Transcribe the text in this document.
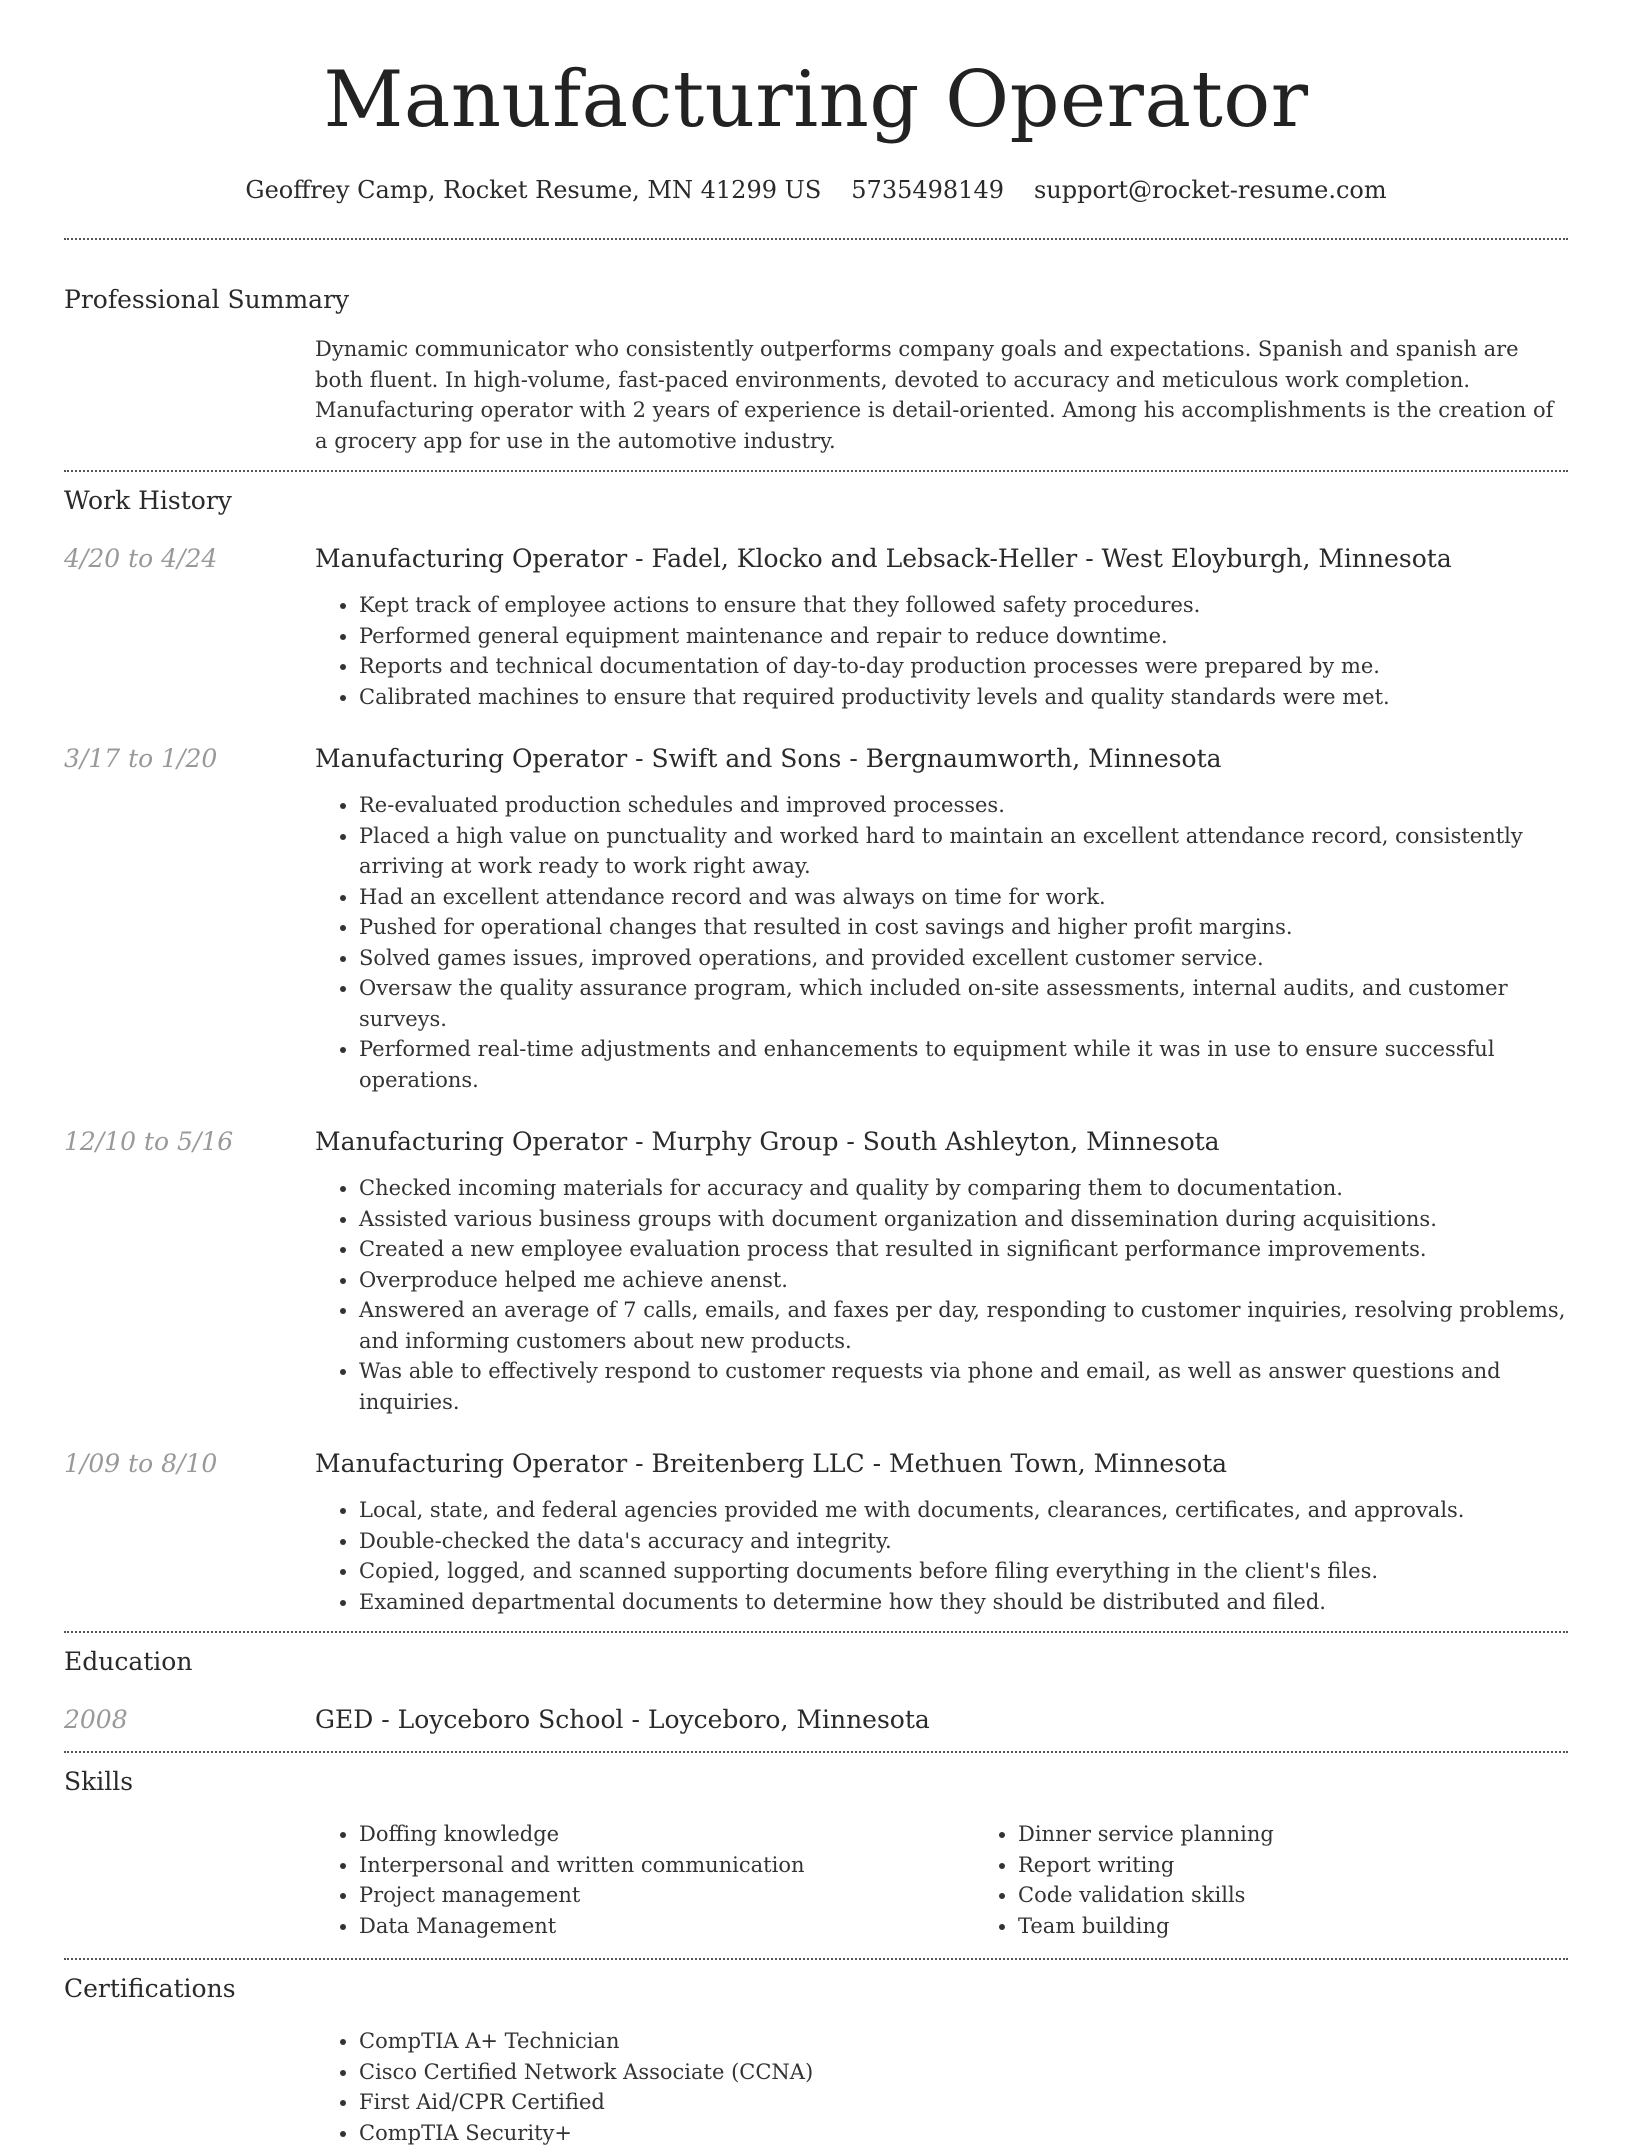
Manufacturing Operator
Geoffrey Camp, Rocket Resume, MN 41299 US 5735498149 support@rocket-resume.com
Professional Summary

Dynamic communicator who consistently outperforms company goals and expectations. Spanish and spanish are both fluent. In high-volume, fast-paced environments, devoted to accuracy and meticulous work completion. Manufacturing operator with 2 years of experience is detail-oriented. Among his accomplishments is the creation of a grocery app for use in the automotive industry.

Work History
4/20 to 4/24	Manufacturing Operator - Fadel, Klocko and Lebsack-Heller - West Eloyburgh, Minnesota
• Kept track of employee actions to ensure that they followed safety procedures.
• Performed general equipment maintenance and repair to reduce downtime.
• Reports and technical documentation of day-to-day production processes were prepared by me.
• Calibrated machines to ensure that required productivity levels and quality standards were met.
3/17 to 1/20	Manufacturing Operator - Swift and Sons - Bergnaumworth, Minnesota
• Re-evaluated production schedules and improved processes.
• Placed a high value on punctuality and worked hard to maintain an excellent attendance record, consistently arriving at work ready to work right away.
• Had an excellent attendance record and was always on time for work.
• Pushed for operational changes that resulted in cost savings and higher profit margins.
• Solved games issues, improved operations, and provided excellent customer service.
• Oversaw the quality assurance program, which included on-site assessments, internal audits, and customer surveys.
• Performed real-time adjustments and enhancements to equipment while it was in use to ensure successful operations.
12/10 to 5/16	Manufacturing Operator - Murphy Group - South Ashleyton, Minnesota
• Checked incoming materials for accuracy and quality by comparing them to documentation.
• Assisted various business groups with document organization and dissemination during acquisitions.
• Created a new employee evaluation process that resulted in significant performance improvements.
• Overproduce helped me achieve anenst.
• Answered an average of 7 calls, emails, and faxes per day, responding to customer inquiries, resolving problems, and informing customers about new products.
• Was able to effectively respond to customer requests via phone and email, as well as answer questions and inquiries.
1/09 to 8/10	Manufacturing Operator - Breitenberg LLC - Methuen Town, Minnesota
• Local, state, and federal agencies provided me with documents, clearances, certificates, and approvals.
• Double-checked the data's accuracy and integrity.
• Copied, logged, and scanned supporting documents before filing everything in the client's files.
• Examined departmental documents to determine how they should be distributed and filed.
Education
2008	GED - Loyceboro School - Loyceboro, Minnesota
Skills
• Doffing knowledge
• Interpersonal and written communication
• Project management
• Data Management
• Dinner service planning
• Report writing
• Code validation skills
• Team building
Certifications
• CompTIA A+ Technician
• Cisco Certified Network Associate (CCNA)
• First Aid/CPR Certified
• CompTIA Security+
